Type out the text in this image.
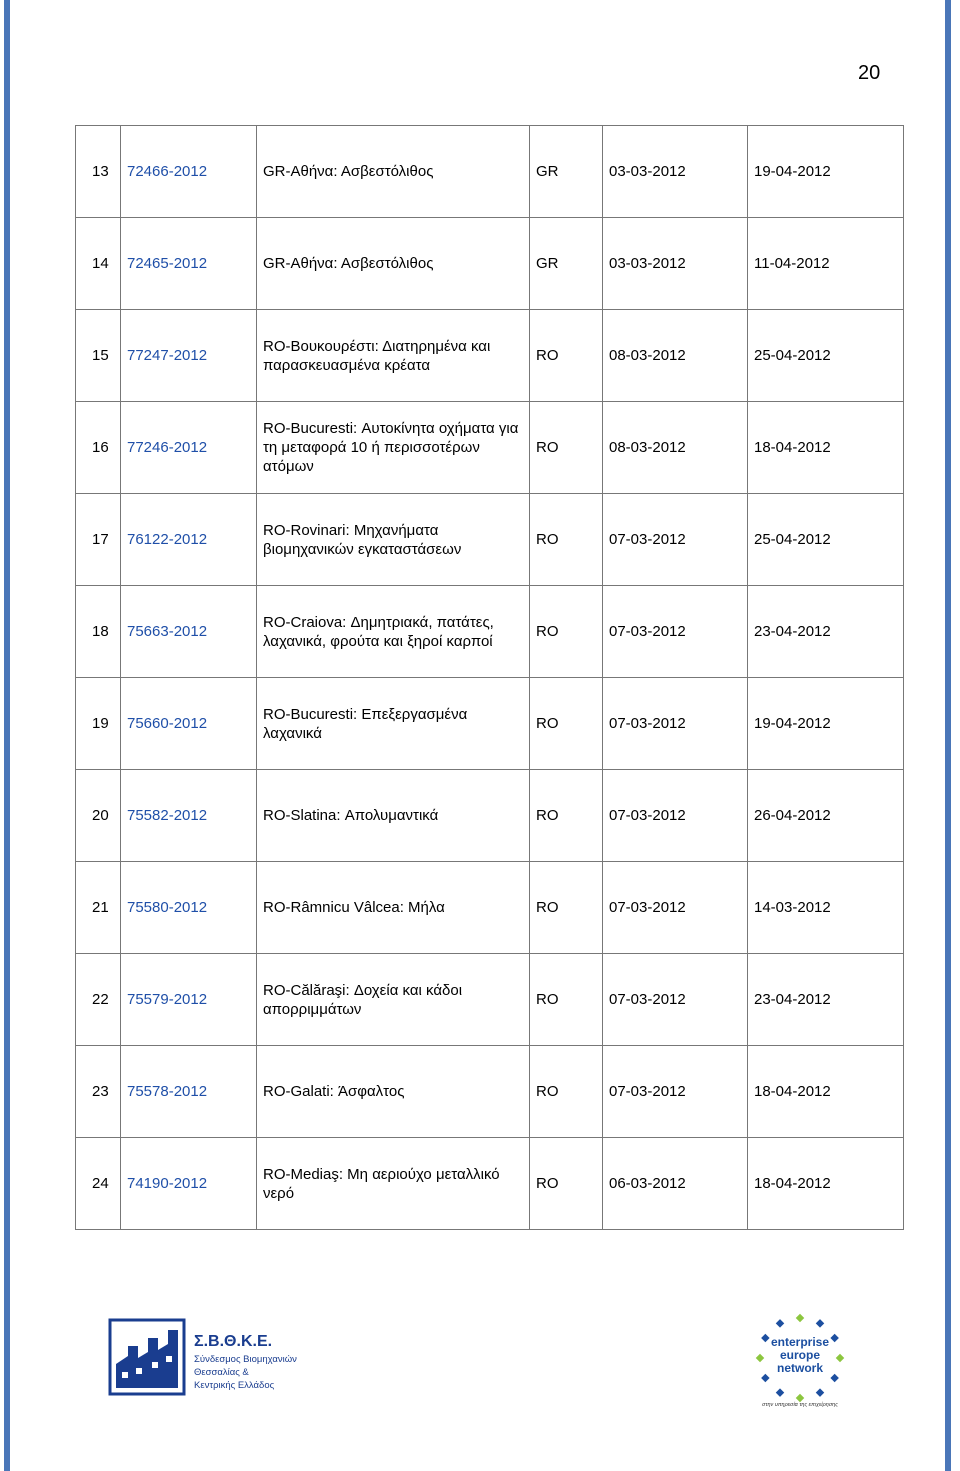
20
13	72466-2012	GR-Αθήνα: Ασβεστόλιθος	GR	03-03-2012	19-04-2012
14	72465-2012	GR-Αθήνα: Ασβεστόλιθος	GR	03-03-2012	11-04-2012
15	77247-2012	RO-Βουκουρέστι: Διατηρημένα και παρασκευασμένα κρέατα	RO	08-03-2012	25-04-2012
16	77246-2012	RO-Bucuresti: Αυτοκίνητα οχήματα για τη μεταφορά 10 ή περισσοτέρων ατόμων	RO	08-03-2012	18-04-2012
17	76122-2012	RO-Rovinari: Μηχανήματα βιομηχανικών εγκαταστάσεων	RO	07-03-2012	25-04-2012
18	75663-2012	RO-Craiova: Δημητριακά, πατάτες, λαχανικά, φρούτα και ξηροί καρποί	RO	07-03-2012	23-04-2012
19	75660-2012	RO-Bucuresti: Επεξεργασμένα λαχανικά	RO	07-03-2012	19-04-2012
20	75582-2012	RO-Slatina: Απολυμαντικά	RO	07-03-2012	26-04-2012
21	75580-2012	RO-Râmnicu Vâlcea: Μήλα	RO	07-03-2012	14-03-2012
22	75579-2012	RO-Călăraşi: Δοχεία και κάδοι απορριμμάτων	RO	07-03-2012	23-04-2012
23	75578-2012	RO-Galati: Άσφαλτος	RO	07-03-2012	18-04-2012
24	74190-2012	RO-Mediaş: Μη αεριούχο μεταλλικό νερό	RO	06-03-2012	18-04-2012
Σ.Β.Θ.Κ.Ε.
Σύνδεσμος Βιομηχανιών
Θεσσαλίας &
Κεντρικής Ελλάδος
enterprise
europe
network
στην υπηρεσία της επιχείρησης
